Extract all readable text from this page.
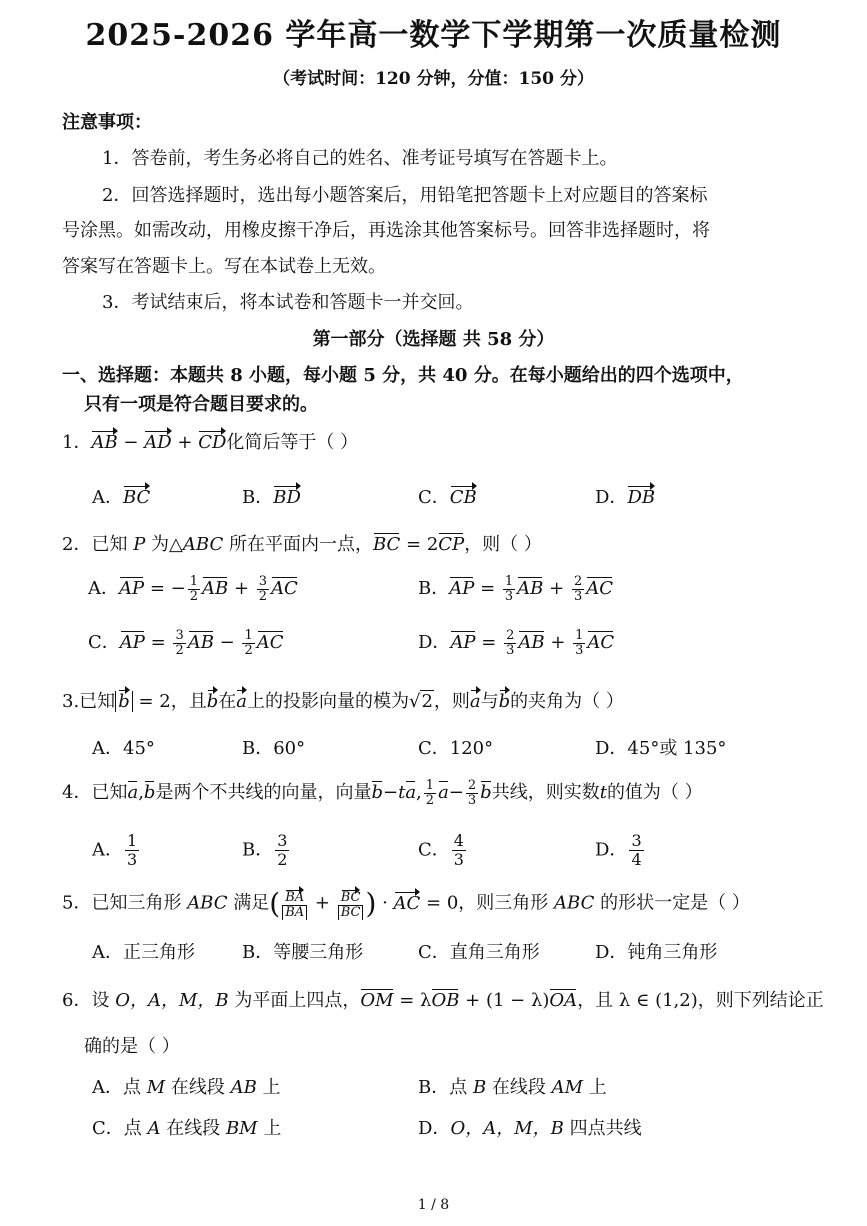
2025-2026 学年高一数学下学期第一次质量检测
（考试时间：120 分钟，分值：150 分）
注意事项：
1．答卷前，考生务必将自己的姓名、准考证号填写在答题卡上。
2．回答选择题时，选出每小题答案后，用铅笔把答题卡上对应题目的答案标
号涂黑。如需改动，用橡皮擦干净后，再选涂其他答案标号。回答非选择题时，将
答案写在答题卡上。写在本试卷上无效。
3．考试结束后，将本试卷和答题卡一并交回。
第一部分（选择题 共 58 分）
一、选择题：本题共 8 小题，每小题 5 分，共 40 分。在每小题给出的四个选项中，
只有一项是符合题目要求的。
1．AB − AD + CD化简后等于（ ）
A．BC	B．BD	C．CB	D．DB
2．已知 P 为△ABC 所在平面内一点，BC = 2CP，则（ ）
A．AP = − $\frac{1}{2}$ AB + $\frac{3}{2}$ AC	B．AP = $\frac{1}{3}$ AB + $\frac{2}{3}$ AC
C．AP = $\frac{3}{2}$ AB − $\frac{1}{2}$ AC	D．AP = $\frac{2}{3}$ AB + $\frac{1}{3}$ AC
3.已知 b = 2，且b在a上的投影向量的模为√2，则a与b的夹角为（ ）
A．45°	B．60°	C．120°	D．45°或 135°
4．已知a,b是两个不共线的向量，向量b−ta, $\frac{1}{2} a- \frac{2}{3}$ b共线，则实数t的值为（ ）
A． $\frac{1}{3}$	B． $\frac{3}{2}$	C． $\frac{4}{3}$	D． $\frac{3}{4}$
5．已知三角形 ABC 满足( $\frac{BA}{BA} + \frac{BC}{BC}$ ) · AC = 0，则三角形 ABC 的形状一定是（ ）
A．正三角形	B．等腰三角形	C．直角三角形	D．钝角三角形
6．设 O，A，M，B 为平面上四点，OM = λOB + (1 − λ)OA，且 λ ∈ (1,2)，则下列结论正
确的是（ ）
A．点 M 在线段 AB 上	B．点 B 在线段 AM 上
C．点 A 在线段 BM 上	D．O，A，M，B 四点共线
1 / 8
